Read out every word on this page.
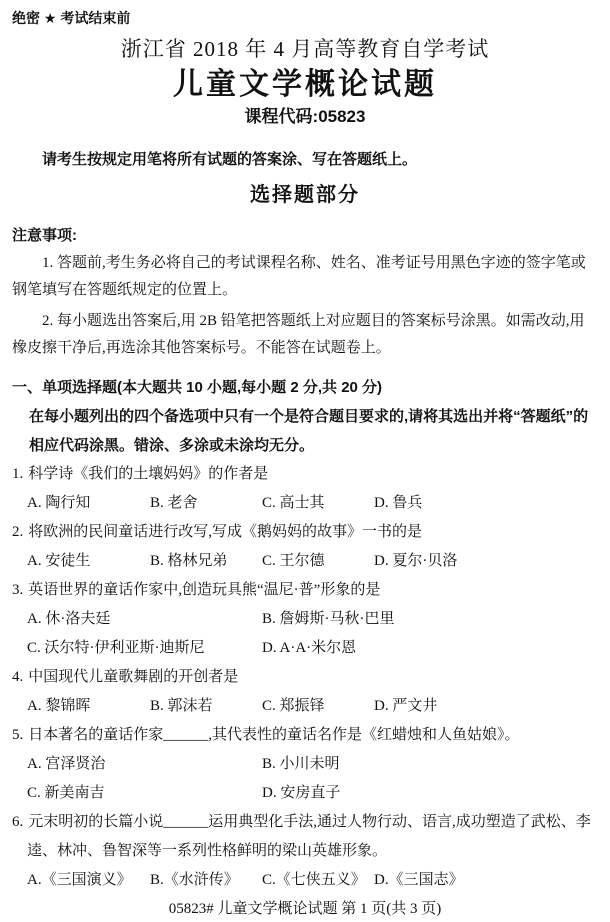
绝密 ★ 考试结束前
浙江省 2018 年 4 月高等教育自学考试
儿童文学概论试题
课程代码:05823

请考生按规定用笔将所有试题的答案涂、写在答题纸上。

选择题部分
注意事项:

1. 答题前,考生务必将自己的考试课程名称、姓名、准考证号用黑色字迹的签字笔或钢笔填写在答题纸规定的位置上。

2. 每小题选出答案后,用 2B 铅笔把答题纸上对应题目的答案标号涂黑。如需改动,用橡皮擦干净后,再选涂其他答案标号。不能答在试题卷上。

一、单项选择题(本大题共 10 小题,每小题 2 分,共 20 分)
在每小题列出的四个备选项中只有一个是符合题目要求的,请将其选出并将“答题纸”的相应代码涂黑。错涂、多涂或未涂均无分。
1. 科学诗《我们的土壤妈妈》的作者是
A. 陶行知	B. 老舍	C. 高士其	D. 鲁兵
2. 将欧洲的民间童话进行改写,写成《鹅妈妈的故事》一书的是
A. 安徒生	B. 格林兄弟	C. 王尔德	D. 夏尔·贝洛
3. 英语世界的童话作家中,创造玩具熊“温尼·普”形象的是
A. 休·洛夫廷	B. 詹姆斯·马秋·巴里
C. 沃尔特·伊利亚斯·迪斯尼	D. A·A·米尔恩
4. 中国现代儿童歌舞剧的开创者是
A. 黎锦晖	B. 郭沫若	C. 郑振铎	D. 严文井
5. 日本著名的童话作家______,其代表性的童话名作是《红蜡烛和人鱼姑娘》。
A. 宫泽贤治	B. 小川未明
C. 新美南吉	D. 安房直子
6. 元末明初的长篇小说______运用典型化手法,通过人物行动、语言,成功塑造了武松、李逵、林冲、鲁智深等一系列性格鲜明的梁山英雄形象。
A.《三国演义》	B.《水浒传》	C.《七侠五义》 D.《三国志》
05823# 儿童文学概论试题 第 1 页(共 3 页)
